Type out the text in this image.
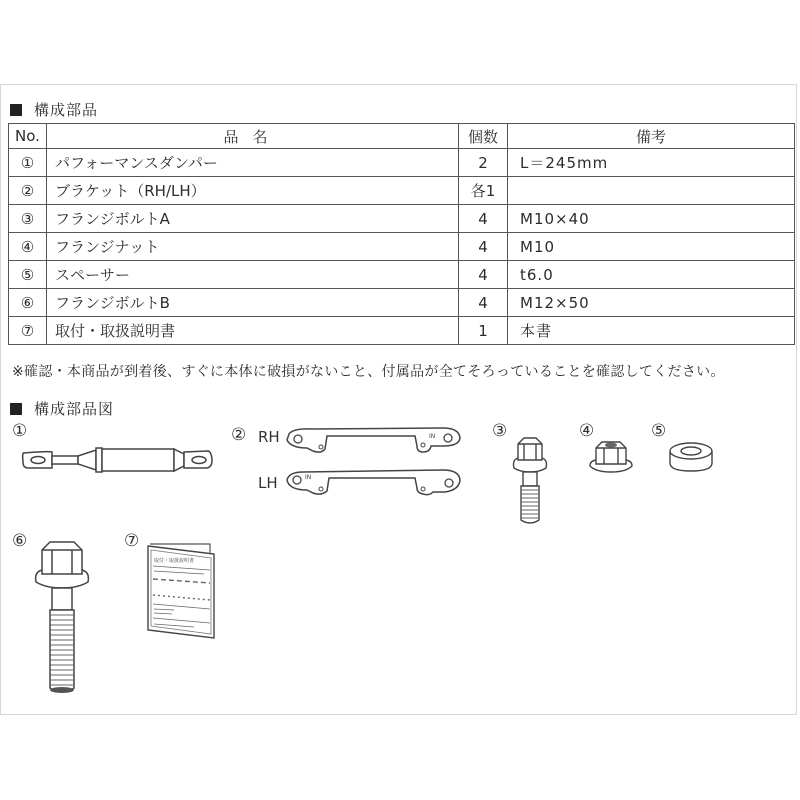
構成部品
No.	品名	個数	備考
①	パフォーマンスダンパー	2	L＝245mm
②	ブラケット（RH/LH）	各1	
③	フランジボルトA	4	M10×40
④	フランジナット	4	M10
⑤	スペーサー	4	t6.0
⑥	フランジボルトB	4	M12×50
⑦	取付・取扱説明書	1	本書
※確認・本商品が到着後、すぐに本体に破損がないこと、付属品が全てそろっていることを確認してください。
構成部品図
①	② RH
LH
IN
IN
③	④	⑤
⑥	⑦
取付・取扱説明書
